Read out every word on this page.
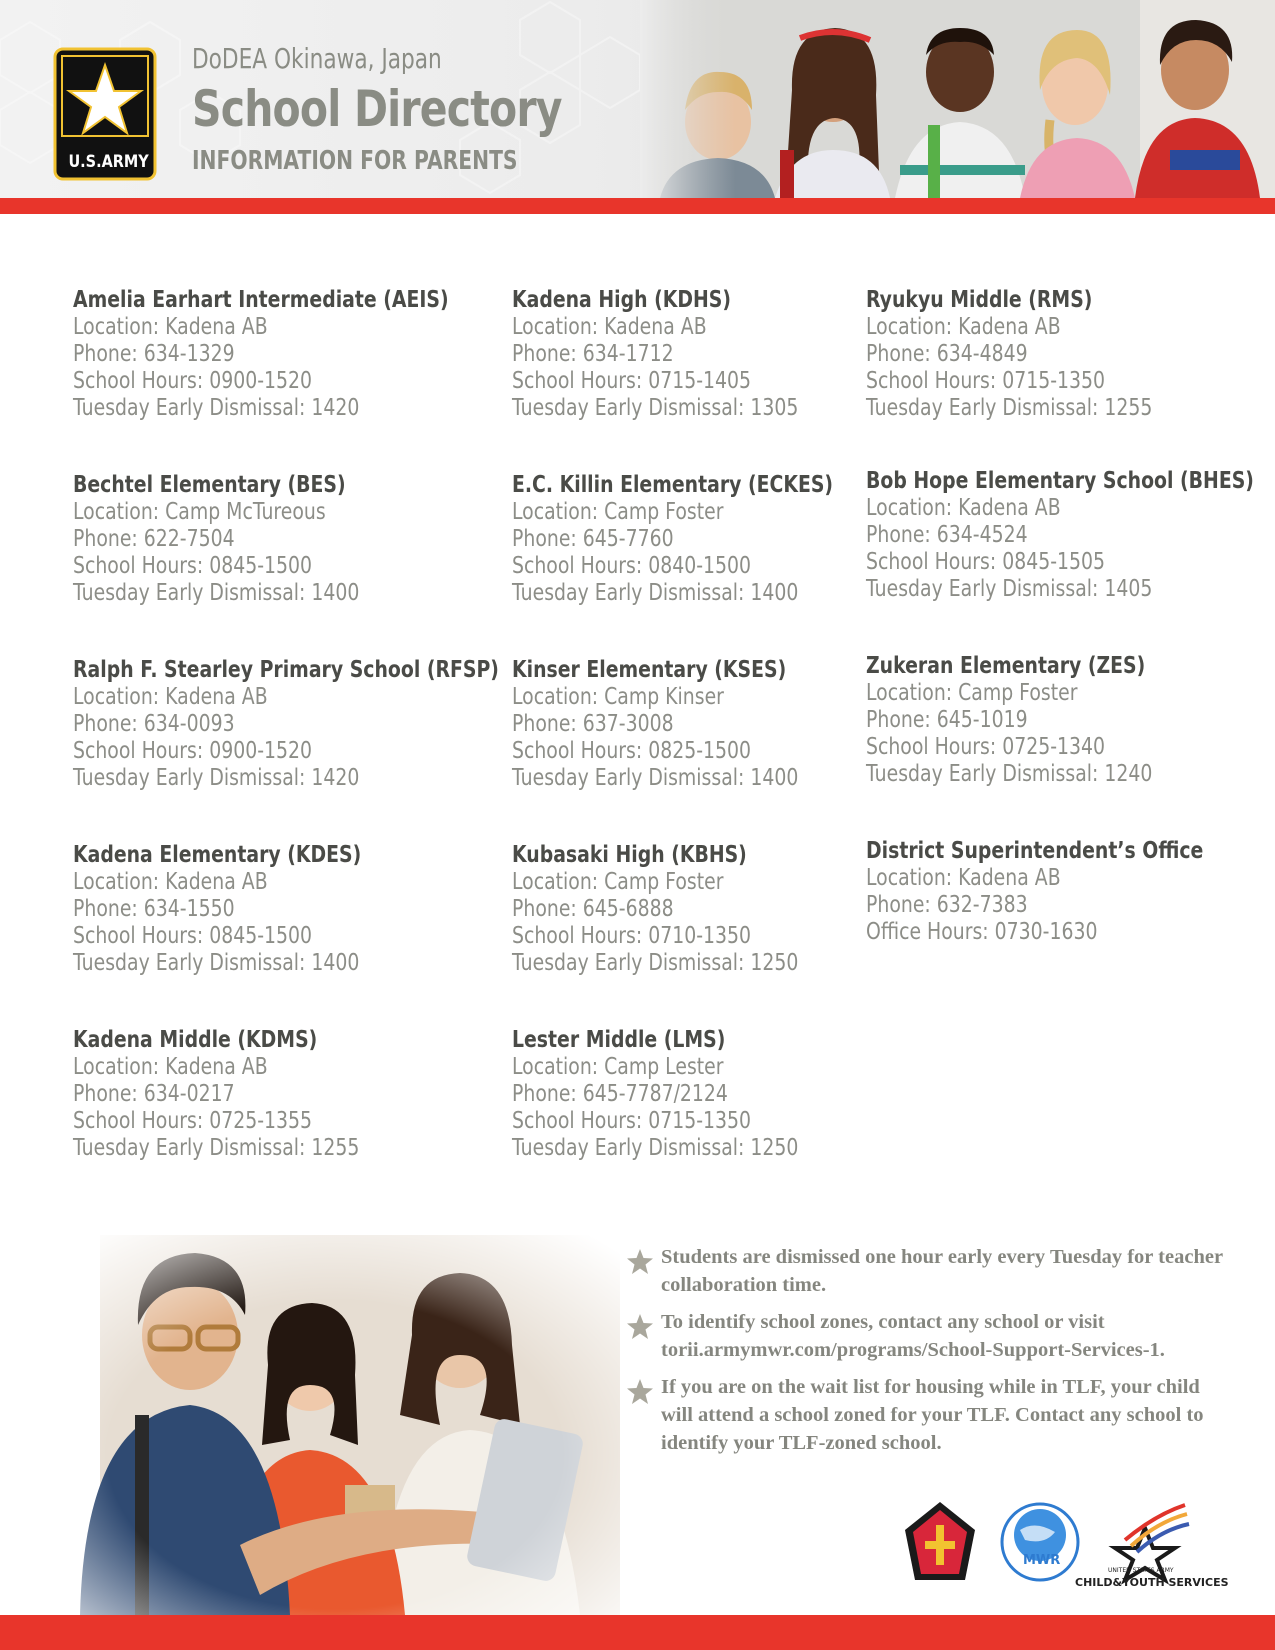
U.S.ARMY
DoDEA Okinawa, Japan
School Directory
INFORMATION FOR PARENTS
Amelia Earhart Intermediate (AEIS)
Location: Kadena AB
Phone: 634-1329
School Hours: 0900-1520
Tuesday Early Dismissal: 1420
Bechtel Elementary (BES)
Location: Camp McTureous
Phone: 622-7504
School Hours: 0845-1500
Tuesday Early Dismissal: 1400
Ralph F. Stearley Primary School (RFSP)
Location: Kadena AB
Phone: 634-0093
School Hours: 0900-1520
Tuesday Early Dismissal: 1420
Kadena Elementary (KDES)
Location: Kadena AB
Phone: 634-1550
School Hours: 0845-1500
Tuesday Early Dismissal: 1400
Kadena Middle (KDMS)
Location: Kadena AB
Phone: 634-0217
School Hours: 0725-1355
Tuesday Early Dismissal: 1255
Kadena High (KDHS)
Location: Kadena AB
Phone: 634-1712
School Hours: 0715-1405
Tuesday Early Dismissal: 1305
E.C. Killin Elementary (ECKES)
Location: Camp Foster
Phone: 645-7760
School Hours: 0840-1500
Tuesday Early Dismissal: 1400
Kinser Elementary (KSES)
Location: Camp Kinser
Phone: 637-3008
School Hours: 0825-1500
Tuesday Early Dismissal: 1400
Kubasaki High (KBHS)
Location: Camp Foster
Phone: 645-6888
School Hours: 0710-1350
Tuesday Early Dismissal: 1250
Lester Middle (LMS)
Location: Camp Lester
Phone: 645-7787/2124
School Hours: 0715-1350
Tuesday Early Dismissal: 1250
Ryukyu Middle (RMS)
Location: Kadena AB
Phone: 634-4849
School Hours: 0715-1350
Tuesday Early Dismissal: 1255
Bob Hope Elementary School (BHES)
Location: Kadena AB
Phone: 634-4524
School Hours: 0845-1505
Tuesday Early Dismissal: 1405
Zukeran Elementary (ZES)
Location: Camp Foster
Phone: 645-1019
School Hours: 0725-1340
Tuesday Early Dismissal: 1240
District Superintendent’s Office
Location: Kadena AB
Phone: 632-7383
Office Hours: 0730-1630
Students are dismissed one hour early every Tuesday for teacher collaboration time.
To identify school zones, contact any school or visit torii.armymwr.com/programs/School-Support-Services-1.
If you are on the wait list for housing while in TLF, your child will attend a school zoned for your TLF. Contact any school to identify your TLF-zoned school.
MWR
UNITED STATES ARMY
CHILD&YOUTH SERVICES
